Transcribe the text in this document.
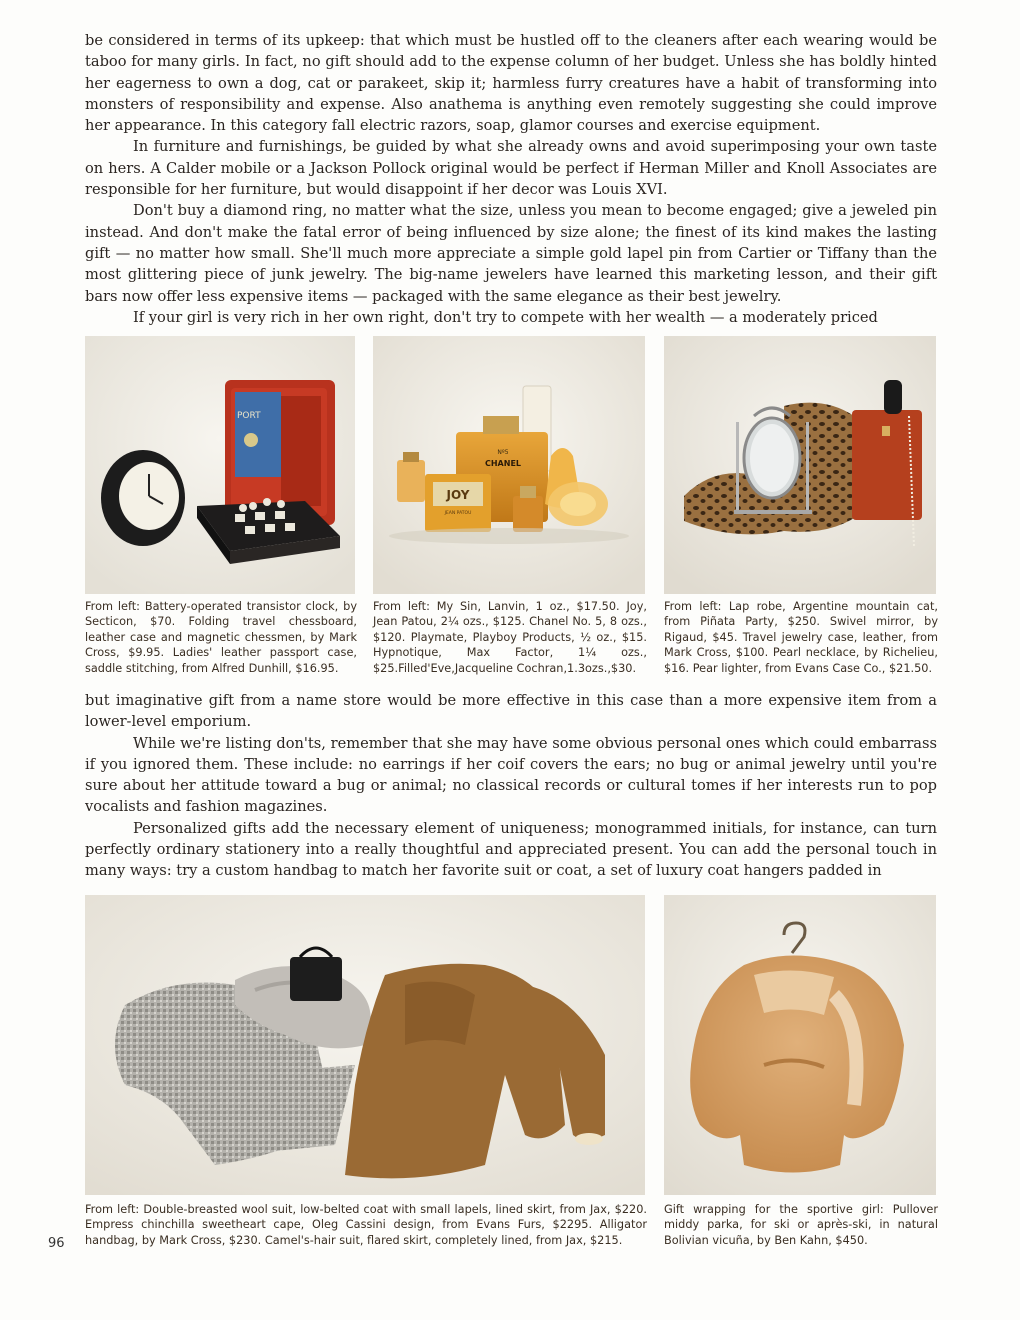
be considered in terms of its upkeep: that which must be hustled off to the cleaners after each wearing would be taboo for many girls. In fact, no gift should add to the expense column of her budget. Unless she has boldly hinted her eagerness to own a dog, cat or parakeet, skip it; harmless furry creatures have a habit of transforming into monsters of responsibility and expense. Also anathema is anything even remotely suggesting she could improve her appearance. In this category fall electric razors, soap, glamor courses and exercise equipment.

In furniture and furnishings, be guided by what she already owns and avoid superimposing your own taste on hers. A Calder mobile or a Jackson Pollock original would be perfect if Herman Miller and Knoll Associates are responsible for her furniture, but would disappoint if her decor was Louis XVI.

Don't buy a diamond ring, no matter what the size, unless you mean to become engaged; give a jeweled pin instead. And don't make the fatal error of being influenced by size alone; the finest of its kind makes the lasting gift — no matter how small. She'll much more appreciate a simple gold lapel pin from Cartier or Tiffany than the most glittering piece of junk jewelry. The big-name jewelers have learned this marketing lesson, and their gift bars now offer less expensive items — packaged with the same elegance as their best jewelry.

If your girl is very rich in her own right, don't try to compete with her wealth — a moderately priced

PORT
From left: Battery-operated transistor clock, by Secticon, $70. Folding travel chessboard, leather case and magnetic chessmen, by Mark Cross, $9.95. Ladies' leather passport case, saddle stitching, from Alfred Dunhill, $16.95.
Nº5
CHANEL
JOY
JEAN PATOU
From left: My Sin, Lanvin, 1 oz., $17.50. Joy, Jean Patou, 2¼ ozs., $125. Chanel No. 5, 8 ozs., $120. Playmate, Playboy Products, ½ oz., $15. Hypnotique, Max Factor, 1¼ ozs., $25.Filled'Eve,Jacqueline Cochran,1.3ozs.,$30.
From left: Lap robe, Argentine mountain cat, from Piñata Party, $250. Swivel mirror, by Rigaud, $45. Travel jewelry case, leather, from Mark Cross, $100. Pearl necklace, by Richelieu, $16. Pear lighter, from Evans Case Co., $21.50.

but imaginative gift from a name store would be more effective in this case than a more expensive item from a lower-level emporium.

While we're listing don'ts, remember that she may have some obvious personal ones which could embarrass if you ignored them. These include: no earrings if her coif covers the ears; no bug or animal jewelry until you're sure about her attitude toward a bug or animal; no classical records or cultural tomes if her interests run to pop vocalists and fashion magazines.

Personalized gifts add the necessary element of uniqueness; monogrammed initials, for instance, can turn perfectly ordinary stationery into a really thoughtful and appreciated present. You can add the personal touch in many ways: try a custom handbag to match her favorite suit or coat, a set of luxury coat hangers padded in

From left: Double-breasted wool suit, low-belted coat with small lapels, lined skirt, from Jax, $220. Empress chinchilla sweetheart cape, Oleg Cassini design, from Evans Furs, $2295. Alligator handbag, by Mark Cross, $230. Camel's-hair suit, flared skirt, completely lined, from Jax, $215.
Gift wrapping for the sportive girl: Pullover middy parka, for ski or après-ski, in natural Bolivian vicuña, by Ben Kahn, $450.
96
